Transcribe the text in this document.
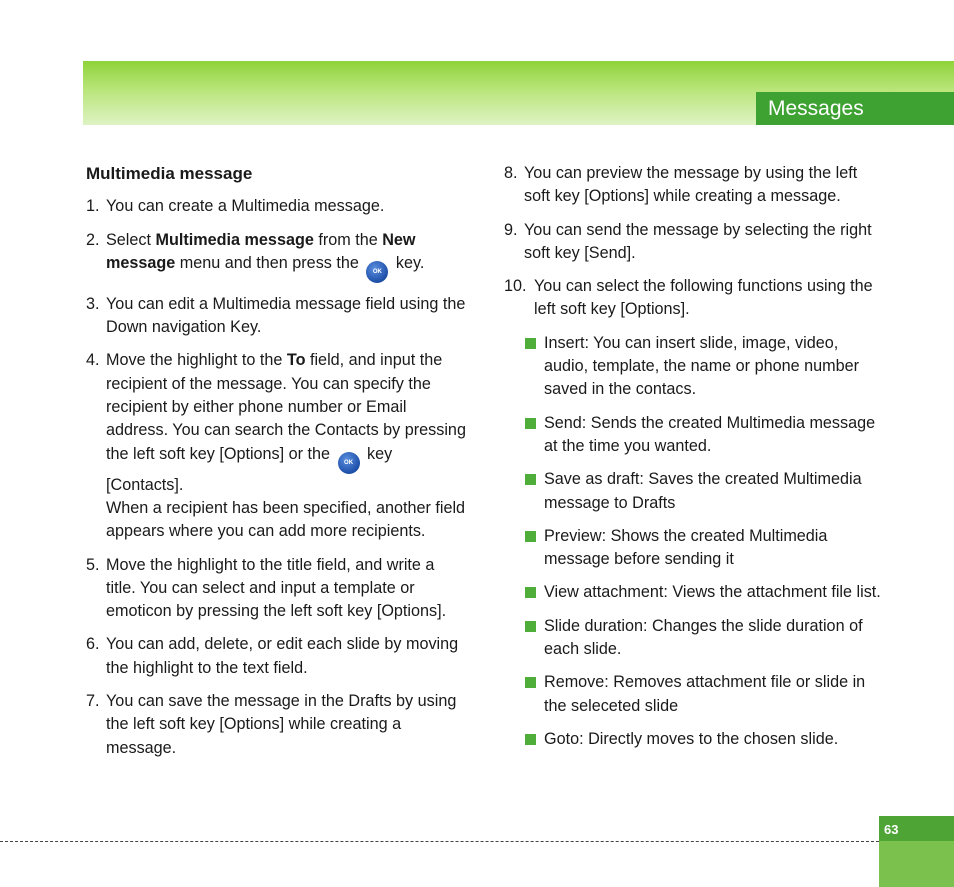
Messages
Multimedia message
1. You can create a Multimedia message.

2. Select Multimedia message from the New message menu and then press the OK key.

3. You can edit a Multimedia message field using the Down navigation Key.

4. Move the highlight to the To field, and input the recipient of the message. You can specify the recipient by either phone number or Email address. You can search the Contacts by pressing the left soft key [Options] or the OK key [Contacts].

When a recipient has been specified, another field appears where you can add more recipients.

5. Move the highlight to the title field, and write a title. You can select and input a template or emoticon by pressing the left soft key [Options].

6. You can add, delete, or edit each slide by moving the highlight to the text field.

7. You can save the message in the Drafts by using the left soft key [Options] while creating a message.

8. You can preview the message by using the left soft key [Options] while creating a message.

9. You can send the message by selecting the right soft key [Send].

10. You can select the following functions using the left soft key [Options].

Insert: You can insert slide, image, video, audio, template, the name or phone number saved in the contacs.
Send: Sends the created Multimedia message at the time you wanted.
Save as draft: Saves the created Multimedia message to Drafts
Preview: Shows the created Multimedia message before sending it
View attachment: Views the attachment file list.
Slide duration: Changes the slide duration of each slide.
Remove: Removes attachment file or slide in the seleceted slide
Goto: Directly moves to the chosen slide.
63
